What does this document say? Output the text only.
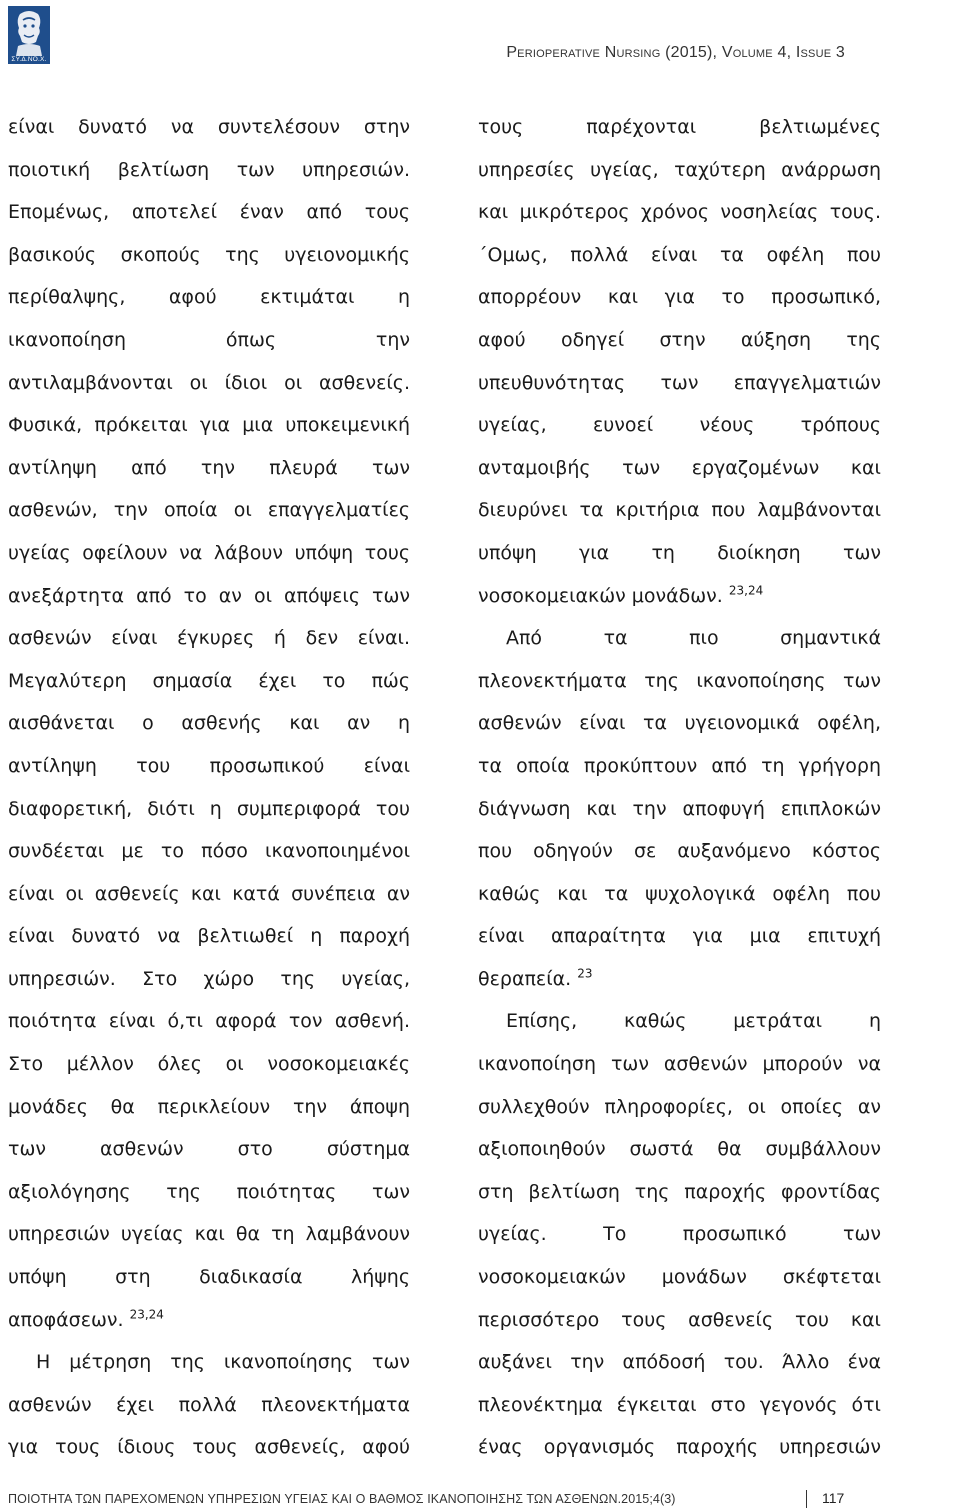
ΣΥ.Δ.ΝΟ.Χ.	Perioperative Nursing (2015), Volume 4, Issue 3
είναι δυνατό να συντελέσουν στην
ποιοτική βελτίωση των υπηρεσιών.
Επομένως, αποτελεί έναν από τους
βασικούς σκοπούς της υγειονομικής
περίθαλψης, αφού εκτιμάται η
ικανοποίηση όπως την
αντιλαμβάνονται οι ίδιοι οι ασθενείς.
Φυσικά, πρόκειται για μια υποκειμενική
αντίληψη από την πλευρά των
ασθενών, την οποία οι επαγγελματίες
υγείας οφείλουν να λάβουν υπόψη τους
ανεξάρτητα από το αν οι απόψεις των
ασθενών είναι έγκυρες ή δεν είναι.
Μεγαλύτερη σημασία έχει το πώς
αισθάνεται ο ασθενής και αν η
αντίληψη του προσωπικού είναι
διαφορετική, διότι η συμπεριφορά του
συνδέεται με το πόσο ικανοποιημένοι
είναι οι ασθενείς και κατά συνέπεια αν
είναι δυνατό να βελτιωθεί η παροχή
υπηρεσιών. Στο χώρο της υγείας,
ποιότητα είναι ό,τι αφορά τον ασθενή.
Στο μέλλον όλες οι νοσοκομειακές
μονάδες θα περικλείουν την άποψη
των ασθενών στο σύστημα
αξιολόγησης της ποιότητας των
υπηρεσιών υγείας και θα τη λαμβάνουν
υπόψη στη διαδικασία λήψης
αποφάσεων. $^{23,24}$
Η μέτρηση της ικανοποίησης των
ασθενών έχει πολλά πλεονεκτήματα
για τους ίδιους τους ασθενείς, αφού
τους παρέχονται βελτιωμένες
υπηρεσίες υγείας, ταχύτερη ανάρρωση
και μικρότερος χρόνος νοσηλείας τους.
΄Ομως, πολλά είναι τα οφέλη που
απορρέουν και για το προσωπικό,
αφού οδηγεί στην αύξηση της
υπευθυνότητας των επαγγελματιών
υγείας, ευνοεί νέους τρόπους
ανταμοιβής των εργαζομένων και
διευρύνει τα κριτήρια που λαμβάνονται
υπόψη για τη διοίκηση των
νοσοκομειακών μονάδων. $^{23,24}$
Από τα πιο σημαντικά
πλεονεκτήματα της ικανοποίησης των
ασθενών είναι τα υγειονομικά οφέλη,
τα οποία προκύπτουν από τη γρήγορη
διάγνωση και την αποφυγή επιπλοκών
που οδηγούν σε αυξανόμενο κόστος
καθώς και τα ψυχολογικά οφέλη που
είναι απαραίτητα για μια επιτυχή
θεραπεία. $^{23}$
Επίσης, καθώς μετράται η
ικανοποίηση των ασθενών μπορούν να
συλλεχθούν πληροφορίες, οι οποίες αν
αξιοποιηθούν σωστά θα συμβάλλουν
στη βελτίωση της παροχής φροντίδας
υγείας. Το προσωπικό των
νοσοκομειακών μονάδων σκέφτεται
περισσότερο τους ασθενείς του και
αυξάνει την απόδοσή του. Άλλο ένα
πλεονέκτημα έγκειται στο γεγονός ότι
ένας οργανισμός παροχής υπηρεσιών
ΠΟΙΟΤΗΤΑ ΤΩΝ ΠΑΡΕΧΟΜΕΝΩΝ ΥΠΗΡΕΣΙΩΝ ΥΓΕΙΑΣ ΚΑΙ Ο ΒΑΘΜΟΣ ΙΚΑΝΟΠΟΙΗΣΗΣ ΤΩΝ ΑΣΘΕΝΩΝ.2015;4(3)	117
